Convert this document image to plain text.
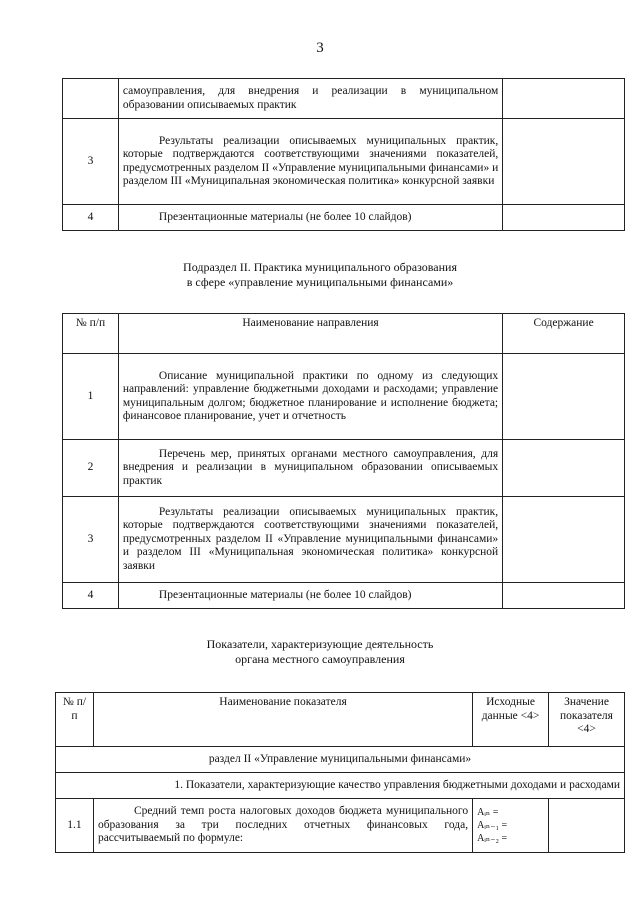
3
	самоуправления, для внедрения и реализации в муниципальном образовании описываемых практик	
3	Результаты реализации описываемых муниципальных практик, которые подтверждаются соответствующими значениями показателей, предусмотренных разделом II «Управление муниципальными финансами» и разделом III «Муниципальная экономическая политика» конкурсной заявки	
4	Презентационные материалы (не более 10 слайдов)	
Подраздел II. Практика муниципального образования
в сфере «управление муниципальными финансами»
№ п/п	Наименование направления	Содержание
1	Описание муниципальной практики по одному из следующих направлений: управление бюджетными доходами и расходами; управление муниципальным долгом; бюджетное планирование и исполнение бюджета; финансовое планирование, учет и отчетность	
2	Перечень мер, принятых органами местного самоуправления, для внедрения и реализации в муниципальном образовании описываемых практик	
3	Результаты реализации описываемых муниципальных практик, которые подтверждаются соответствующими значениями показателей, предусмотренных разделом II «Управление муниципальными финансами» и разделом III «Муниципальная экономическая политика» конкурсной заявки	
4	Презентационные материалы (не более 10 слайдов)	
Показатели, характеризующие деятельность
органа местного самоуправления
№ п/п	Наименование показателя	Исходные данные <4>	Значение показателя <4>
раздел II «Управление муниципальными финансами»			
1. Показатели, характеризующие качество управления бюджетными доходами и расходами			
1.1	Средний темп роста налоговых доходов бюджета муниципального образования за три последних отчетных финансовых года, рассчитываемый по формуле:	Aᵢₙ =
Aᵢₙ₋₁ =
Aᵢₙ₋₂ =	
